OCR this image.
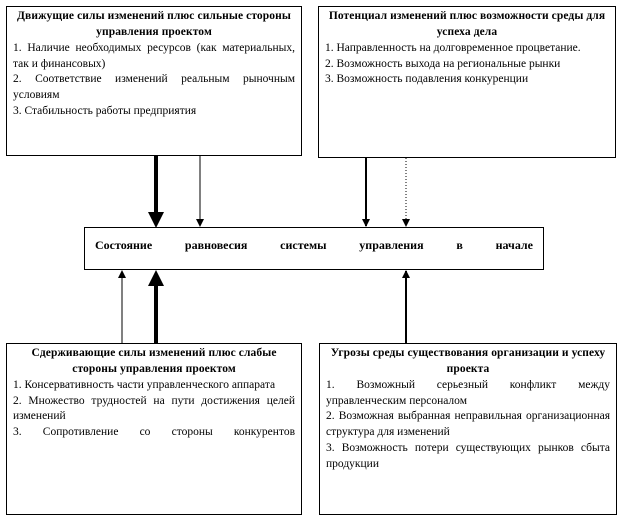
Движущие силы изменений плюс сильные стороны управления проектом
1. Наличие необходимых ресурсов (как материальных, так и финансовых)
2. Соответствие изменений реальным рыночным условиям
3. Стабильность работы предприятия
Потенциал изменений плюс возможности среды для успеха дела
1. Направленность на долговременное процветание.
2. Возможность выхода на региональные рынки
3. Возможность подавления конкуренции
Состояние равновесия системы управления в начале
Сдерживающие силы изменений плюс слабые стороны управления проектом
1. Консервативность части управленческого аппарата
2. Множество трудностей на пути достижения целей изменений
3. Сопротивление со стороны конкурентов
Угрозы среды существования организации и успеху проекта
1. Возможный серьезный конфликт между управленческим персоналом
2. Возможная выбранная неправильная организационная структура для изменений
3. Возможность потери существующих рынков сбыта продукции
